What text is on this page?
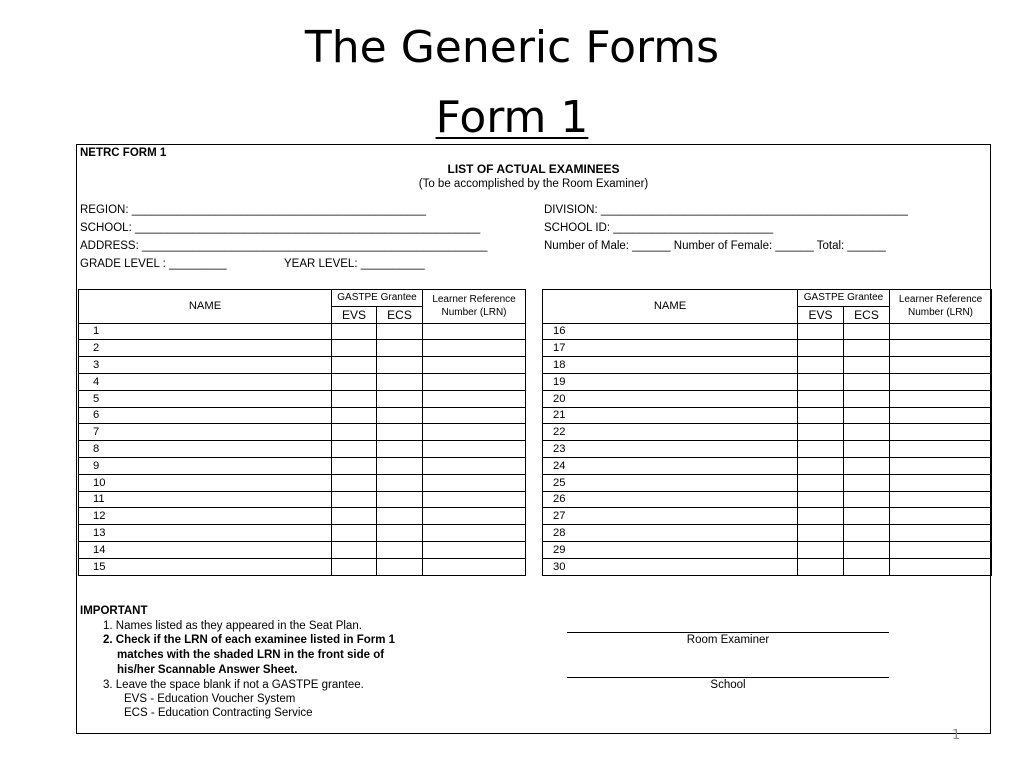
The Generic Forms
Form 1
NETRC FORM 1
LIST OF ACTUAL EXAMINEES
(To be accomplished by the Room Examiner)
REGION: ______________________________________________
SCHOOL: ______________________________________________________
ADDRESS: ______________________________________________________
GRADE LEVEL : _________	YEAR LEVEL: __________
DIVISION: ________________________________________________
SCHOOL ID: _________________________
Number of Male: ______ Number of Female: ______ Total: ______
NAME	GASTPE Grantee		Learner Reference
Number (LRN)
	EVS	ECS	
1			
2			
3			
4			
5			
6			
7			
8			
9			
10			
11			
12			
13			
14			
15			
NAME	GASTPE Grantee		Learner Reference
Number (LRN)
	EVS	ECS	
16			
17			
18			
19			
20			
21			
22			
23			
24			
25			
26			
27			
28			
29			
30			
IMPORTANT
1. Names listed as they appeared in the Seat Plan.
2. Check if the LRN of each examinee listed in Form 1
matches with the shaded LRN in the front side of
his/her Scannable Answer Sheet.
3. Leave the space blank if not a GASTPE grantee.
EVS - Education Voucher System
ECS - Education Contracting Service
Room Examiner
School
1
